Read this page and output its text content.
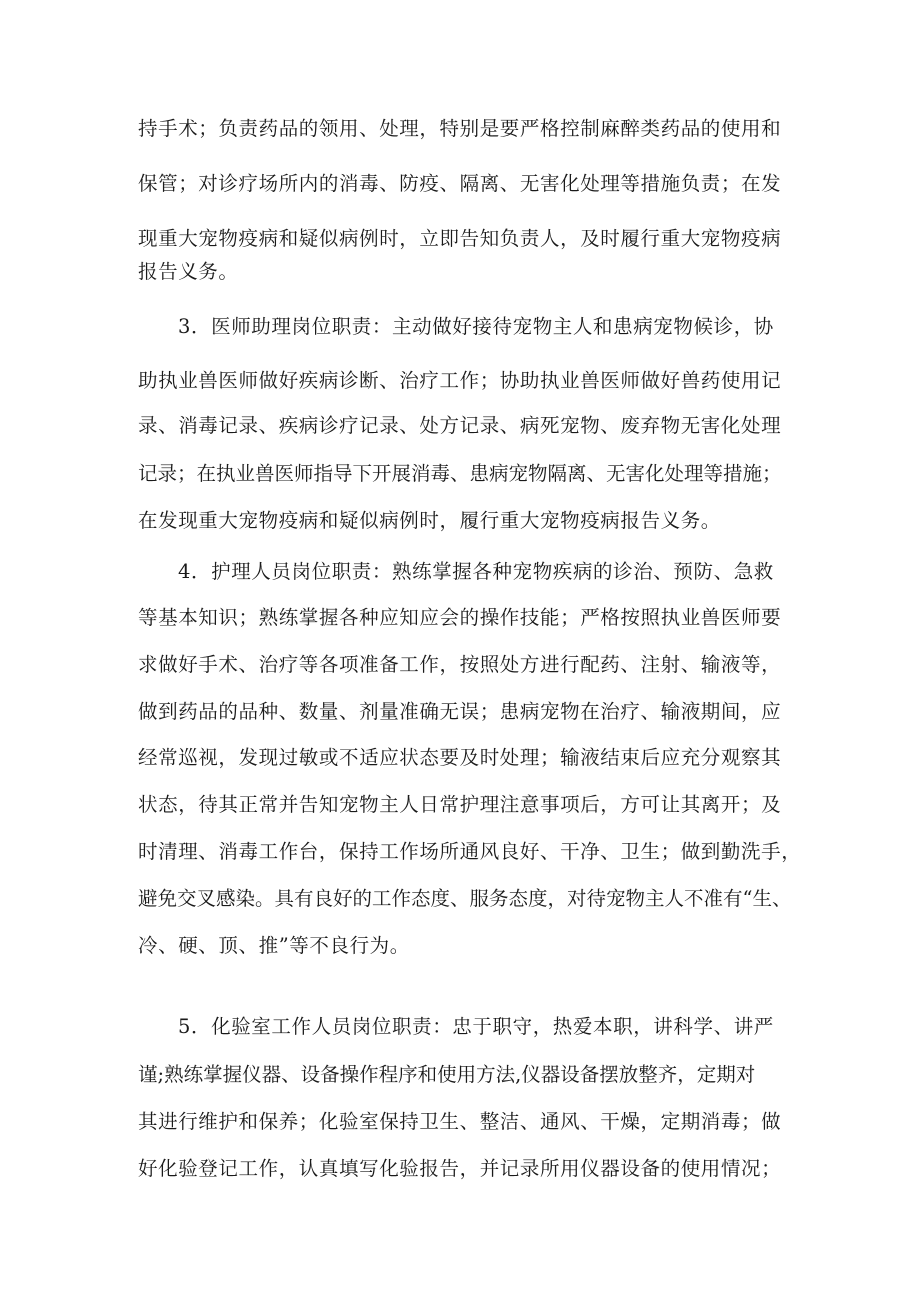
持手术；负责药品的领用、处理，特别是要严格控制麻醉类药品的使用和
保管；对诊疗场所内的消毒、防疫、隔离、无害化处理等措施负责；在发
现重大宠物疫病和疑似病例时，立即告知负责人，及时履行重大宠物疫病
报告义务。
3．医师助理岗位职责：主动做好接待宠物主人和患病宠物候诊，协
助执业兽医师做好疾病诊断、治疗工作；协助执业兽医师做好兽药使用记
录、消毒记录、疾病诊疗记录、处方记录、病死宠物、废弃物无害化处理
记录；在执业兽医师指导下开展消毒、患病宠物隔离、无害化处理等措施；
在发现重大宠物疫病和疑似病例时，履行重大宠物疫病报告义务。
4．护理人员岗位职责：熟练掌握各种宠物疾病的诊治、预防、急救
等基本知识；熟练掌握各种应知应会的操作技能；严格按照执业兽医师要
求做好手术、治疗等各项准备工作，按照处方进行配药、注射、输液等，
做到药品的品种、数量、剂量准确无误；患病宠物在治疗、输液期间，应
经常巡视，发现过敏或不适应状态要及时处理；输液结束后应充分观察其
状态，待其正常并告知宠物主人日常护理注意事项后，方可让其离开；及
时清理、消毒工作台，保持工作场所通风良好、干净、卫生；做到勤洗手，
避免交叉感染。具有良好的工作态度、服务态度，对待宠物主人不准有“生、
冷、硬、顶、推”等不良行为。
5．化验室工作人员岗位职责：忠于职守，热爱本职，讲科学、讲严
谨;熟练掌握仪器、设备操作程序和使用方法,仪器设备摆放整齐，定期对
其进行维护和保养；化验室保持卫生、整洁、通风、干燥，定期消毒；做
好化验登记工作，认真填写化验报告，并记录所用仪器设备的使用情况；
